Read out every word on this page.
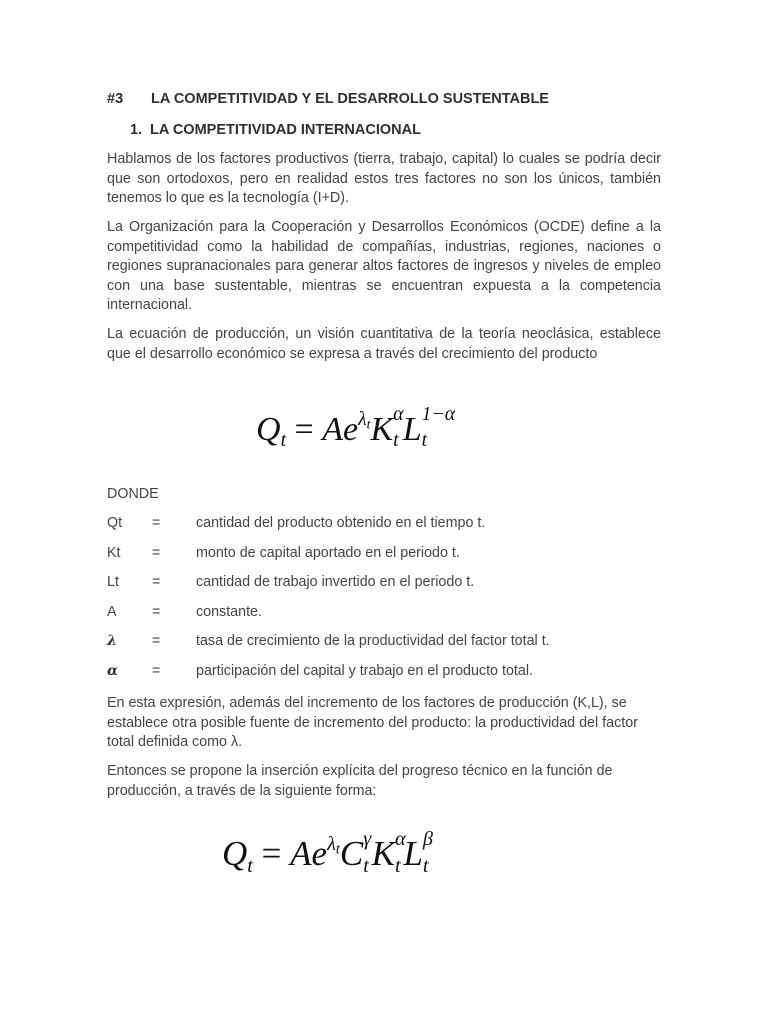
#3 LA COMPETITIVIDAD Y EL DESARROLLO SUSTENTABLE
1. LA COMPETITIVIDAD INTERNACIONAL
Hablamos de los factores productivos (tierra, trabajo, capital) lo cuales se podría decir que son ortodoxos, pero en realidad estos tres factores no son los únicos, también tenemos lo que es la tecnología (I+D).
La Organización para la Cooperación y Desarrollos Económicos (OCDE) define a la competitividad como la habilidad de compañías, industrias, regiones, naciones o regiones supranacionales para generar altos factores de ingresos y niveles de empleo con una base sustentable, mientras se encuentran expuesta a la competencia internacional.
La ecuación de producción, un visión cuantitativa de la teoría neoclásica, establece que el desarrollo económico se expresa a través del crecimiento del producto
$Q_t = Ae^{\lambda t}K$ α
t L 1−α
t
DONDE
Qt = cantidad del producto obtenido en el tiempo t.
Kt = monto de capital aportado en el periodo t.
Lt = cantidad de trabajo invertido en el periodo t.
A = constante.
λ = tasa de crecimiento de la productividad del factor total t.
α = participación del capital y trabajo en el producto total.
En esta expresión, además del incremento de los factores de producción (K,L), se establece otra posible fuente de incremento del producto: la productividad del factor total definida como λ.
Entonces se propone la inserción explícita del progreso técnico en la función de producción, a través de la siguiente forma:
$Q_t = Ae^{\lambda t}C$ γ
tK α
tL β
t
